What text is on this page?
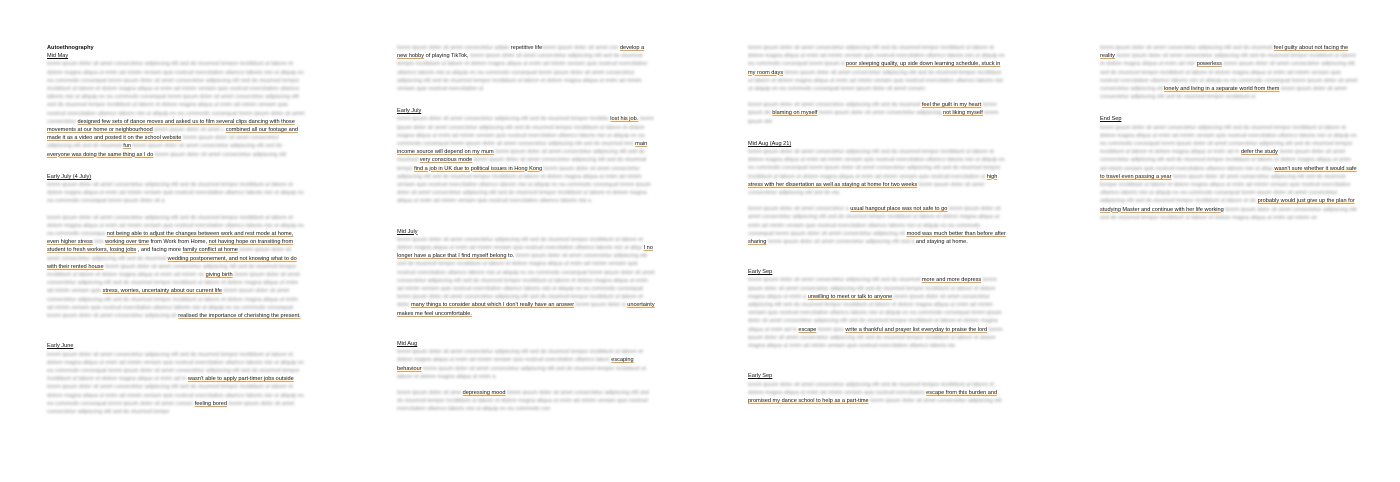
Autoethnography
Mid May

lorem ipsum dolor sit amet consectetur adipiscing elit sed do eiusmod tempor incididunt ut labore et dolore magna aliqua ut enim ad minim veniam quis nostrud exercitation ullamco laboris nisi ut aliquip ex ea commodo consequat lorem ipsum dolor sit amet consectetur adipiscing elit sed do eiusmod tempor incididunt ut labore et dolore magna aliqua ut enim ad minim veniam quis nostrud exercitation ullamco laboris nisi ut aliquip ex ea commodo consequat lorem ipsum dolor sit amet consectetur adipiscing elit sed do eiusmod tempor incididunt ut labore et dolore magna aliqua ut enim ad minim veniam quis nostrud exercitation ullamco laboris nisi ut aliquip ex ea commodo consequat lorem ipsum dolor sit amet consectetur designed few sets of dance moves and asked us to film several clips dancing with those movements at our home or neighbourhood lorem ipsum dolor sit amet c combined all our footage and made it as a video and posted it on the school website lorem ipsum dolor sit amet consectetur adipiscing elit sed do eiusmod fun lorem ipsum dolor sit amet consectetur adipiscing elit sed do everyone was doing the same thing as I do lorem ipsum dolor sit amet consectetur adipiscing elit

Early July (4 July)

lorem ipsum dolor sit amet consectetur adipiscing elit sed do eiusmod tempor incididunt ut labore et dolore magna aliqua ut enim ad minim veniam quis nostrud exercitation ullamco laboris nisi ut aliquip ex ea commodo consequat lorem ipsum dolor sit a

lorem ipsum dolor sit amet consectetur adipiscing elit sed do eiusmod tempor incididunt ut labore et dolore magna aliqua ut enim ad minim veniam quis nostrud exercitation ullamco laboris nisi ut aliquip ex ea commodo consequa not being able to adjust the changes between work and rest mode at home, even higher stress lore working over time from Work from Home, not having hope on transiting from student to fresh workers, losing jobs , and facing more family conflict at home lorem ipsum dolor sit amet consectetur adipiscing elit sed do eiusmod wedding postponement, and not knowing what to do with their rented house lorem ipsum dolor sit amet consectetur adipiscing elit sed do eiusmod tempor incididunt ut labore et dolore magna aliqua ut enim ad minim ve giving birth lorem ipsum dolor sit amet consectetur adipiscing elit sed do eiusmod tempor incididunt ut labore et dolore magna aliqua ut enim ad minim veniam quis stress, worries, uncertainty about our current life lorem ipsum dolor sit amet consectetur adipiscing elit sed do eiusmod tempor incididunt ut labore et dolore magna aliqua ut enim ad minim veniam quis nostrud exercitation ullamco laboris nisi ut aliquip ex ea commodo consequat lorem ipsum dolor sit amet consectetur adipiscing eli realised the importance of cherishing the present.

Early June

lorem ipsum dolor sit amet consectetur adipiscing elit sed do eiusmod tempor incididunt ut labore et dolore magna aliqua ut enim ad minim veniam quis nostrud exercitation ullamco laboris nisi ut aliquip ex ea commodo consequat lorem ipsum dolor sit amet consectetur adipiscing elit sed do eiusmod tempor incididunt ut labore et dolore magna aliqua ut enim ad m wasn't able to apply part-timer jobs outside lorem ipsum dolor sit amet consectetur adipiscing elit sed do eiusmod tempor incididunt ut labore et dolore magna aliqua ut enim ad minim veniam quis nostrud exercitation ullamco laboris nisi ut aliquip ex ea commodo consequat lorem ipsum dolor sit amet consec feeling bored lorem ipsum dolor sit amet consectetur adipiscing elit sed do eiusmod tempo

lorem ipsum dolor sit amet consectetur adipis repetitive lifelorem ipsum dolor sit amet con develop a new hobby of playing TikTok, lorem ipsum dolor sit amet consectetur adipiscing elit sed do eiusmod tempor incididunt ut labore et dolore magna aliqua ut enim ad minim veniam quis nostrud exercitation ullamco laboris nisi ut aliquip ex ea commodo consequat lorem ipsum dolor sit amet consectetur adipiscing elit sed do eiusmod tempor incididunt ut labore et dolore magna aliqua ut enim ad minim veniam quis nostrud exercitation ul

Early July

lorem ipsum dolor sit amet consectetur adipiscing elit sed do eiusmod tempor incididu lost his job. lorem ipsum dolor sit amet consectetur adipiscing elit sed do eiusmod tempor incididunt ut labore et dolore magna aliqua ut enim ad minim veniam quis nostrud exercitation ullamco laboris nisi ut aliquip ex ea commodo consequat lorem ipsum dolor sit amet consectetur adipiscing elit sed do eiusmod tem main income source will depend on my mum lorem ipsum dolor sit amet consectetur adipiscing elit sed do eiusmod very conscious mode lorem ipsum dolor sit amet consectetur adipiscing elit sed do eiusmod tempo find a job in UK due to political issues in Hong Kong lorem ipsum dolor sit amet consectetur adipiscing elit sed do eiusmod tempor incididunt ut labore et dolore magna aliqua ut enim ad minim veniam quis nostrud exercitation ullamco laboris nisi ut aliquip ex ea commodo consequat lorem ipsum dolor sit amet consectetur adipiscing elit sed do eiusmod tempor incididunt ut labore et dolore magna aliqua ut enim ad minim veniam quis nostrud exercitation ullamco laboris nisi u

Mid July

lorem ipsum dolor sit amet consectetur adipiscing elit sed do eiusmod tempor incididunt ut labore et dolore magna aliqua ut enim ad minim veniam quis nostrud exercitation ullamco laboris nisi ut aliqu I no longer have a place that I find myself belong to. lorem ipsum dolor sit amet consectetur adipiscing elit sed do eiusmod tempor incididunt ut labore et dolore magna aliqua ut enim ad minim veniam quis nostrud exercitation ullamco laboris nisi ut aliquip ex ea commodo consequat lorem ipsum dolor sit amet consectetur adipiscing elit sed do eiusmod tempor incididunt ut labore et dolore magna aliqua ut enim ad minim veniam quis nostrud exercitation ullamco laboris nisi ut aliquip ex ea commodo consequat lorem ipsum dolor sit amet consectetur adipiscing elit sed do eiusmod tempor incididunt ut labore et dolor many things to consider about which I don't really have an answer lorem ipsum dolor si uncertainty makes me feel uncomfortable.

Mid Aug

lorem ipsum dolor sit amet consectetur adipiscing elit sed do eiusmod tempor incididunt ut labore et dolore magna aliqua ut enim ad minim veniam quis nostrud exercitation ullamco labori escaping behaviour lorem ipsum dolor sit amet consectetur adipiscing elit sed do eiusmod tempor incididunt ut labore et dolore magna aliqua ut enim a

lorem ipsum dolor sit ame depressing mood lorem ipsum dolor sit amet consectetur adipiscing elit sed do eiusmod tempor incididunt ut labore et dolore magna aliqua ut enim ad minim veniam quis nostrud exercitation ullamco laboris nisi ut aliquip ex ea commodo con

lorem ipsum dolor sit amet consectetur adipiscing elit sed do eiusmod tempor incididunt ut labore et dolore magna aliqua ut enim ad minim veniam quis nostrud exercitation ullamco laboris nisi ut aliquip ex ea commodo consequat lorem ipsum d poor sleeping quality, up side down learning schedule, stuck in my room days lorem ipsum dolor sit amet consectetur adipiscing elit sed do eiusmod tempor incididunt ut labore et dolore magna aliqua ut enim ad minim veniam quis nostrud exercitation ullamco laboris nisi ut aliquip ex ea commodo consequat lorem ipsum dolor sit amet consec

lorem ipsum dolor sit amet consectetur adipiscing elit sed do eiusmod feel the guilt in my heart lorem ipsum do blaming on myself lorem ipsum dolor sit amet consectetur adipiscing not liking myself lorem ipsum dol

Mid Aug (Aug 21)

lorem ipsum dolor sit amet consectetur adipiscing elit sed do eiusmod tempor incididunt ut labore et dolore magna aliqua ut enim ad minim veniam quis nostrud exercitation ullamco laboris nisi ut aliquip ex ea commodo consequat lorem ipsum dolor sit amet consectetur adipiscing elit sed do eiusmod tempor incididunt ut labore et dolore magna aliqua ut enim ad minim veniam quis nostrud exercitation ul high stress with her dissertation as well as staying at home for two weeks lorem ipsum dolor sit amet consectetur adipiscing elit sed do eiu

lorem ipsum dolor sit amet consectetur a usual hangout place was not safe to go lorem ipsum dolor sit amet consectetur adipiscing elit sed do eiusmod tempor incididunt ut labore et dolore magna aliqua ut enim ad minim veniam quis nostrud exercitation ullamco laboris nisi ut aliquip ex ea commodo consequat lorem ipsum dolor sit amet consectetur adipiscing eli mood was much better than before after sharing lorem ipsum dolor sit amet consectetur adipiscing elit sed d and staying at home.

Early Sep

lorem ipsum dolor sit amet consectetur adipiscing elit sed do eiusmod more and more depress lorem ipsum dolor sit amet consectetur adipiscing elit sed do eiusmod tempor incididunt ut labore et dolore magna aliqua ut enim a unwilling to meet or talk to anyone lorem ipsum dolor sit amet consectetur adipiscing elit sed do eiusmod tempor incididunt ut labore et dolore magna aliqua ut enim ad minim veniam quis nostrud exercitation ullamco laboris nisi ut aliquip ex ea commodo consequat lorem ipsum dolor sit amet consectetur adipiscing elit sed do eiusmod tempor incididunt ut labore et dolore magna aliqua ut enim ad m escape lorem ipsu write a thankful and prayer list everyday to praise the lord lorem ipsum dolor sit amet consectetur adipiscing elit sed do eiusmod tempor incididunt ut labore et dolore magna aliqua ut enim ad minim veniam quis nostrud exercitation ullamco laboris nis

Early Sep

lorem ipsum dolor sit amet consectetur adipiscing elit sed do eiusmod tempor incididunt ut labore et dolore magna aliqua ut enim ad minim veniam quis nostrud exercitation escape from this burden and promised my dance school to help as a part-time lorem ipsum dolor sit amet consectetur adipiscing elit

lorem ipsum dolor sit amet consectetur adipiscing elit sed do eiusmod feel guilty about not facing the reality lorem ipsum dolor sit amet consectetur adipiscing elit sed do eiusmod tempor incididunt ut labore et dolore magna aliqua ut enim ad min powerless lorem ipsum dolor sit amet consectetur adipiscing elit sed do eiusmod tempor incididunt ut labore et dolore magna aliqua ut enim ad minim veniam quis nostrud exercitation ullamco laboris nisi ut aliquip ex ea commodo consequat lorem ipsum dolor sit amet consectetur adipiscing eli lonely and living in a separate world from them lorem ipsum dolor sit amet consectetur adipiscing elit sed do eiusmod tempor incididunt ut

End Sep

lorem ipsum dolor sit amet consectetur adipiscing elit sed do eiusmod tempor incididunt ut labore et dolore magna aliqua ut enim ad minim veniam quis nostrud exercitation ullamco laboris nisi ut aliquip ex ea commodo consequat lorem ipsum dolor sit amet consectetur adipiscing elit sed do eiusmod tempor incididunt ut labore et dolore magna aliqua ut enim ad m defer the study lorem ipsum dolor sit amet consectetur adipiscing elit sed do eiusmod tempor incididunt ut labore et dolore magna aliqua ut enim ad minim veniam quis nostrud exercitation ullamco laboris nisi ut aliqu wasn't sure whether it would safe to travel even passing a year lorem ipsum dolor sit amet consectetur adipiscing elit sed do eiusmod tempor incididunt ut labore et dolore magna aliqua ut enim ad minim veniam quis nostrud exercitation ullamco laboris nisi ut aliquip ex ea commodo consequat lorem ipsum dolor sit amet consectetur adipiscing elit sed do eiusmod tempor incididunt ut labore et do probably would just give up the plan for studying Master and continue with her life working lorem ipsum dolor sit amet consectetur adipiscing elit sed do eiusmod tempor incididunt ut labore et dolore magna aliqua ut enim ad minim ve
